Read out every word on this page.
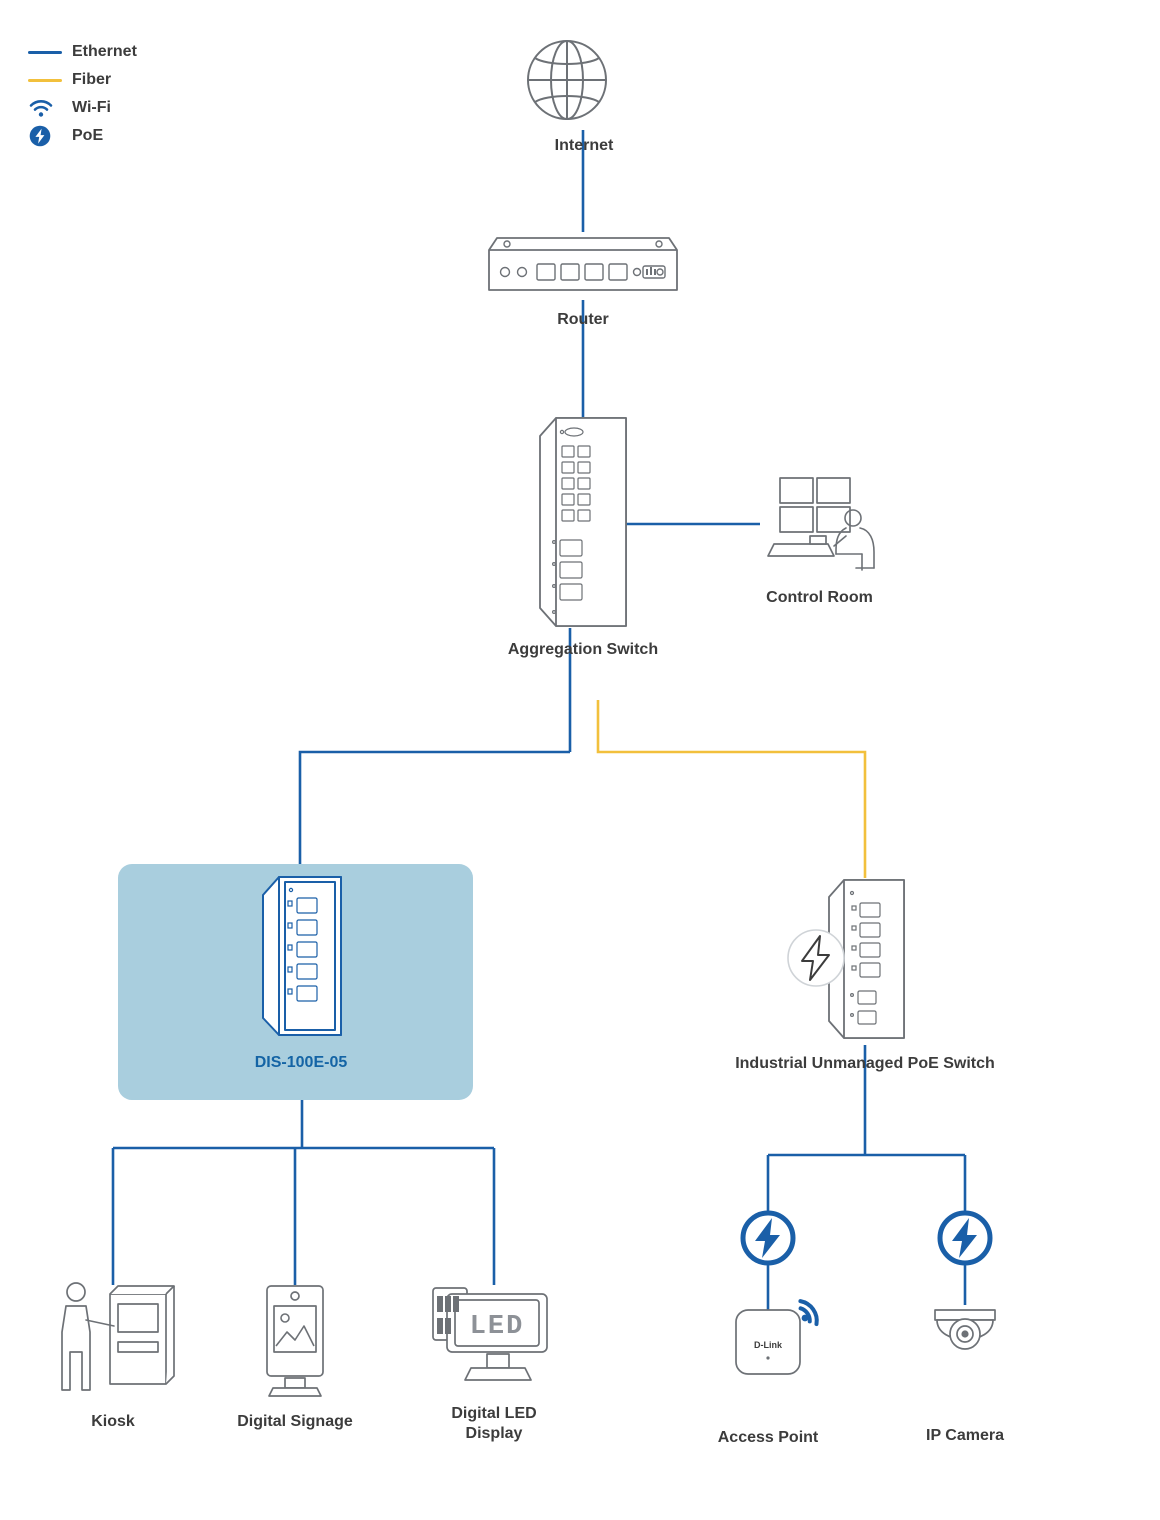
Ethernet
Fiber
Wi-Fi
PoE
Internet
Router
Aggregation Switch
Control Room
DIS-100E-05	Industrial Unmanaged PoE Switch
Kiosk	Digital Signage
LED
Digital LED
Display
D-Link
Access Point	IP Camera
